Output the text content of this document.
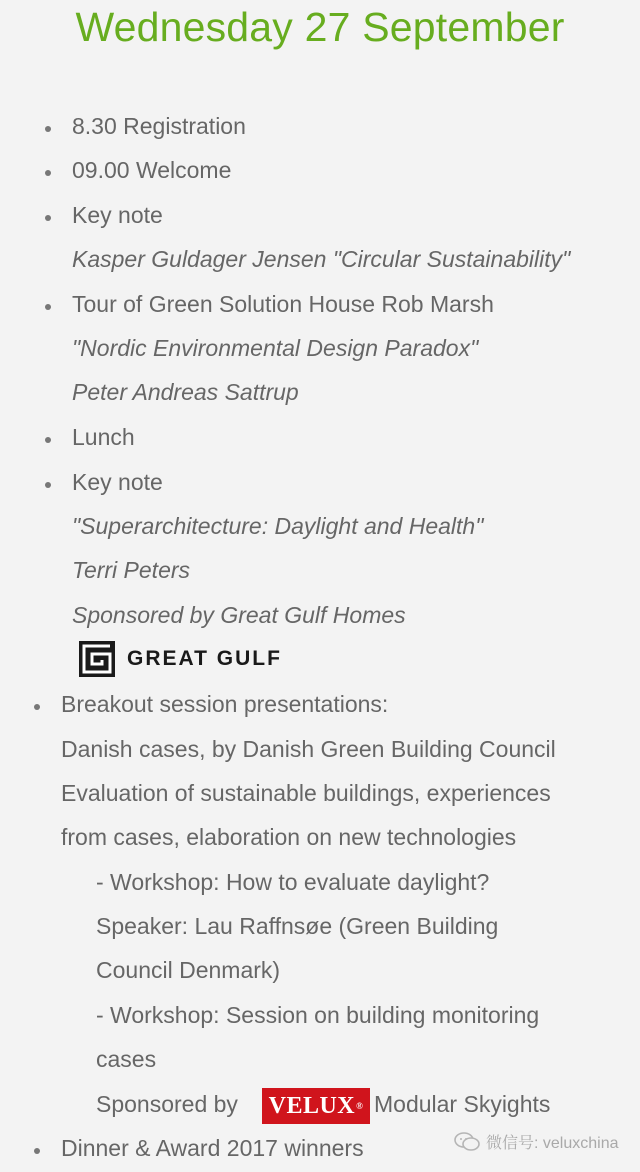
Wednesday 27 September
8.30 Registration
09.00 Welcome
Key note
Kasper Guldager Jensen "Circular Sustainability"
Tour of Green Solution House Rob Marsh
"Nordic Environmental Design Paradox"
Peter Andreas Sattrup
Lunch
Key note
"Superarchitecture: Daylight and Health"
Terri Peters
Sponsored by Great Gulf Homes
GREAT GULF
Breakout session presentations:
Danish cases, by Danish Green Building Council
Evaluation of sustainable buildings, experiences
from cases, elaboration on new technologies
- Workshop: How to evaluate daylight?
Speaker: Lau Raffnsøe (Green Building
Council Denmark)
- Workshop: Session on building monitoring
cases
Sponsored by	Modular Skyights
Dinner & Award 2017 winners
VELUX ®
微信号: veluxchina
